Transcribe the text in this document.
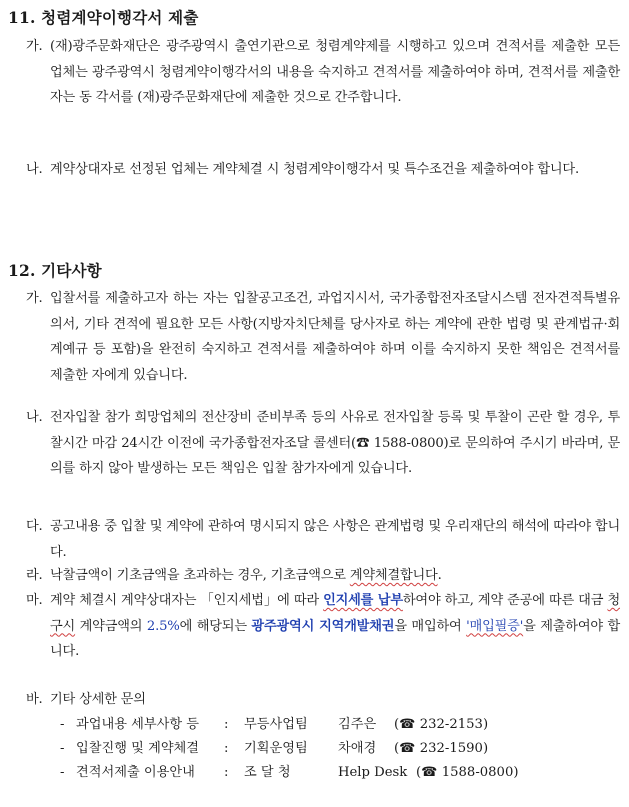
11. 청렴계약이행각서 제출
가. (재)광주문화재단은 광주광역시 출연기관으로 청렴계약제를 시행하고 있으며 견적서를 제출한 모든 업체는 광주광역시 청렴계약이행각서의 내용을 숙지하고 견적서를 제출하여야 하며, 견적서를 제출한 자는 동 각서를 (재)광주문화재단에 제출한 것으로 간주합니다.
나. 계약상대자로 선정된 업체는 계약체결 시 청렴계약이행각서 및 특수조건을 제출하여야 합니다.
12. 기타사항
가. 입찰서를 제출하고자 하는 자는 입찰공고조건, 과업지시서, 국가종합전자조달시스템 전자견적특별유의서, 기타 견적에 필요한 모든 사항(지방자치단체를 당사자로 하는 계약에 관한 법령 및 관계법규·회계예규 등 포함)을 완전히 숙지하고 견적서를 제출하여야 하며 이를 숙지하지 못한 책임은 견적서를 제출한 자에게 있습니다.
나. 전자입찰 참가 희망업체의 전산장비 준비부족 등의 사유로 전자입찰 등록 및 투찰이 곤란 할 경우, 투찰시간 마감 24시간 이전에 국가종합전자조달 콜센터(☎ 1588-0800)로 문의하여 주시기 바라며, 문의를 하지 않아 발생하는 모든 책임은 입찰 참가자에게 있습니다.
다. 공고내용 중 입찰 및 계약에 관하여 명시되지 않은 사항은 관계법령 및 우리재단의 해석에 따라야 합니다.
라. 낙찰금액이 기초금액을 초과하는 경우, 기초금액으로 계약체결합니다.
마. 계약 체결시 계약상대자는 「인지세법」에 따라 인지세를 납부하여야 하고, 계약 준공에 따른 대금 청구시 계약금액의 2.5%에 해당되는 광주광역시 지역개발채권을 매입하여 '매입필증'을 제출하여야 합니다.
바. 기타 상세한 문의
- 과업내용 세부사항 등 : 무등사업팀 김주은 (☎ 232-2153)
- 입찰진행 및 계약체결 : 기획운영팀 차애경 (☎ 232-1590)
- 견적서제출 이용안내 : 조 달 청	Help Desk (☎ 1588-0800)
